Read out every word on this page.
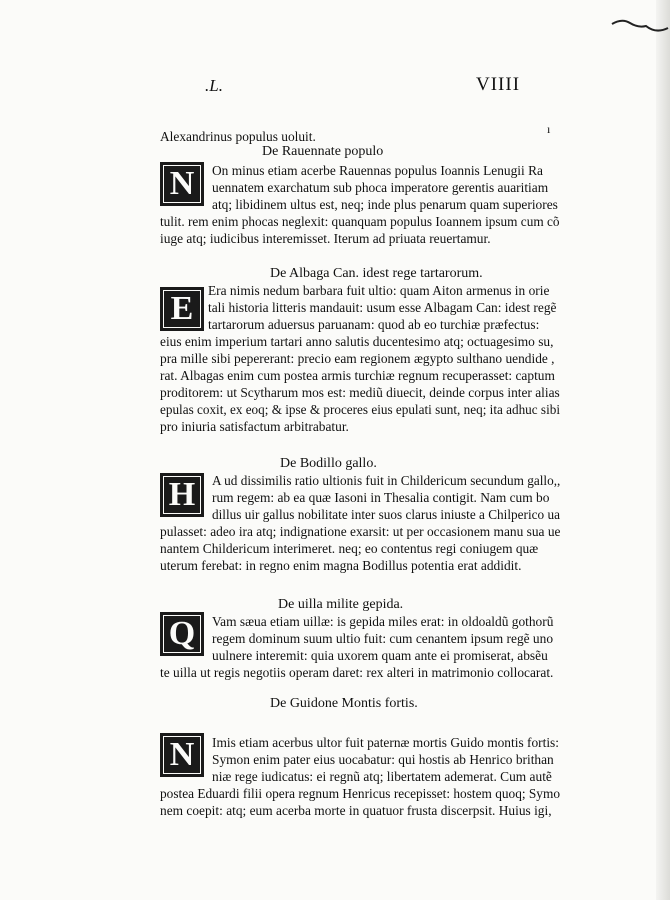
.L.	VIIII
ı
Alexandrinus populus uoluit.
De Rauennate populo
N	On minus etiam acerbe Rauennas populus Ioannis Lenugii Ra
uennatem exarchatum sub phoca imperatore gerentis auaritiam
atq; libidinem ultus est, neq; inde plus penarum quam superiores
tulit. rem enim phocas neglexit: quanquam populus Ioannem ipsum cum cõ
iuge atq; iudicibus interemisset. Iterum ad priuata reuertamur.
De Albaga Can. idest rege tartarorum.
E	Era nimis nedum barbara fuit ultio: quam Aiton armenus in orie
tali historia litteris mandauit: usum esse Albagam Can: idest regẽ
tartarorum aduersus paruanam: quod ab eo turchiæ præfectus:
eius enim imperium tartari anno salutis ducentesimo atq; octuagesimo su,
pra mille sibi pepererant: precio eam regionem ægypto sulthano uendide ,
rat. Albagas enim cum postea armis turchiæ regnum recuperasset: captum
proditorem: ut Scytharum mos est: mediũ diuecit, deinde corpus inter alias
epulas coxit, ex eoq; & ipse & proceres eius epulati sunt, neq; ita adhuc sibi
pro iniuria satisfactum arbitrabatur.
De Bodillo gallo.
H	A ud dissimilis ratio ultionis fuit in Childericum secundum gallo,,
rum regem: ab ea quæ Iasoni in Thesalia contigit. Nam cum bo
dillus uir gallus nobilitate inter suos clarus iniuste a Chilperico ua
pulasset: adeo ira atq; indignatione exarsit: ut per occasionem manu sua ue
nantem Childericum interimeret. neq; eo contentus regi coniugem quæ
uterum ferebat: in regno enim magna Bodillus potentia erat addidit.
De uilla milite gepida.
Q	Vam sæua etiam uillæ: is gepida miles erat: in oldoaldũ gothorũ
regem dominum suum ultio fuit: cum cenantem ipsum regẽ uno
uulnere interemit: quia uxorem quam ante ei promiserat, absẽu
te uilla ut regis negotiis operam daret: rex alteri in matrimonio collocarat.
De Guidone Montis fortis.
N	Imis etiam acerbus ultor fuit paternæ mortis Guido montis fortis:
Symon enim pater eius uocabatur: qui hostis ab Henrico brithan
niæ rege iudicatus: ei regnũ atq; libertatem ademerat. Cum autẽ
postea Eduardi filii opera regnum Henricus recepisset: hostem quoq; Symo
nem coepit: atq; eum acerba morte in quatuor frusta discerpsit. Huius igi,
